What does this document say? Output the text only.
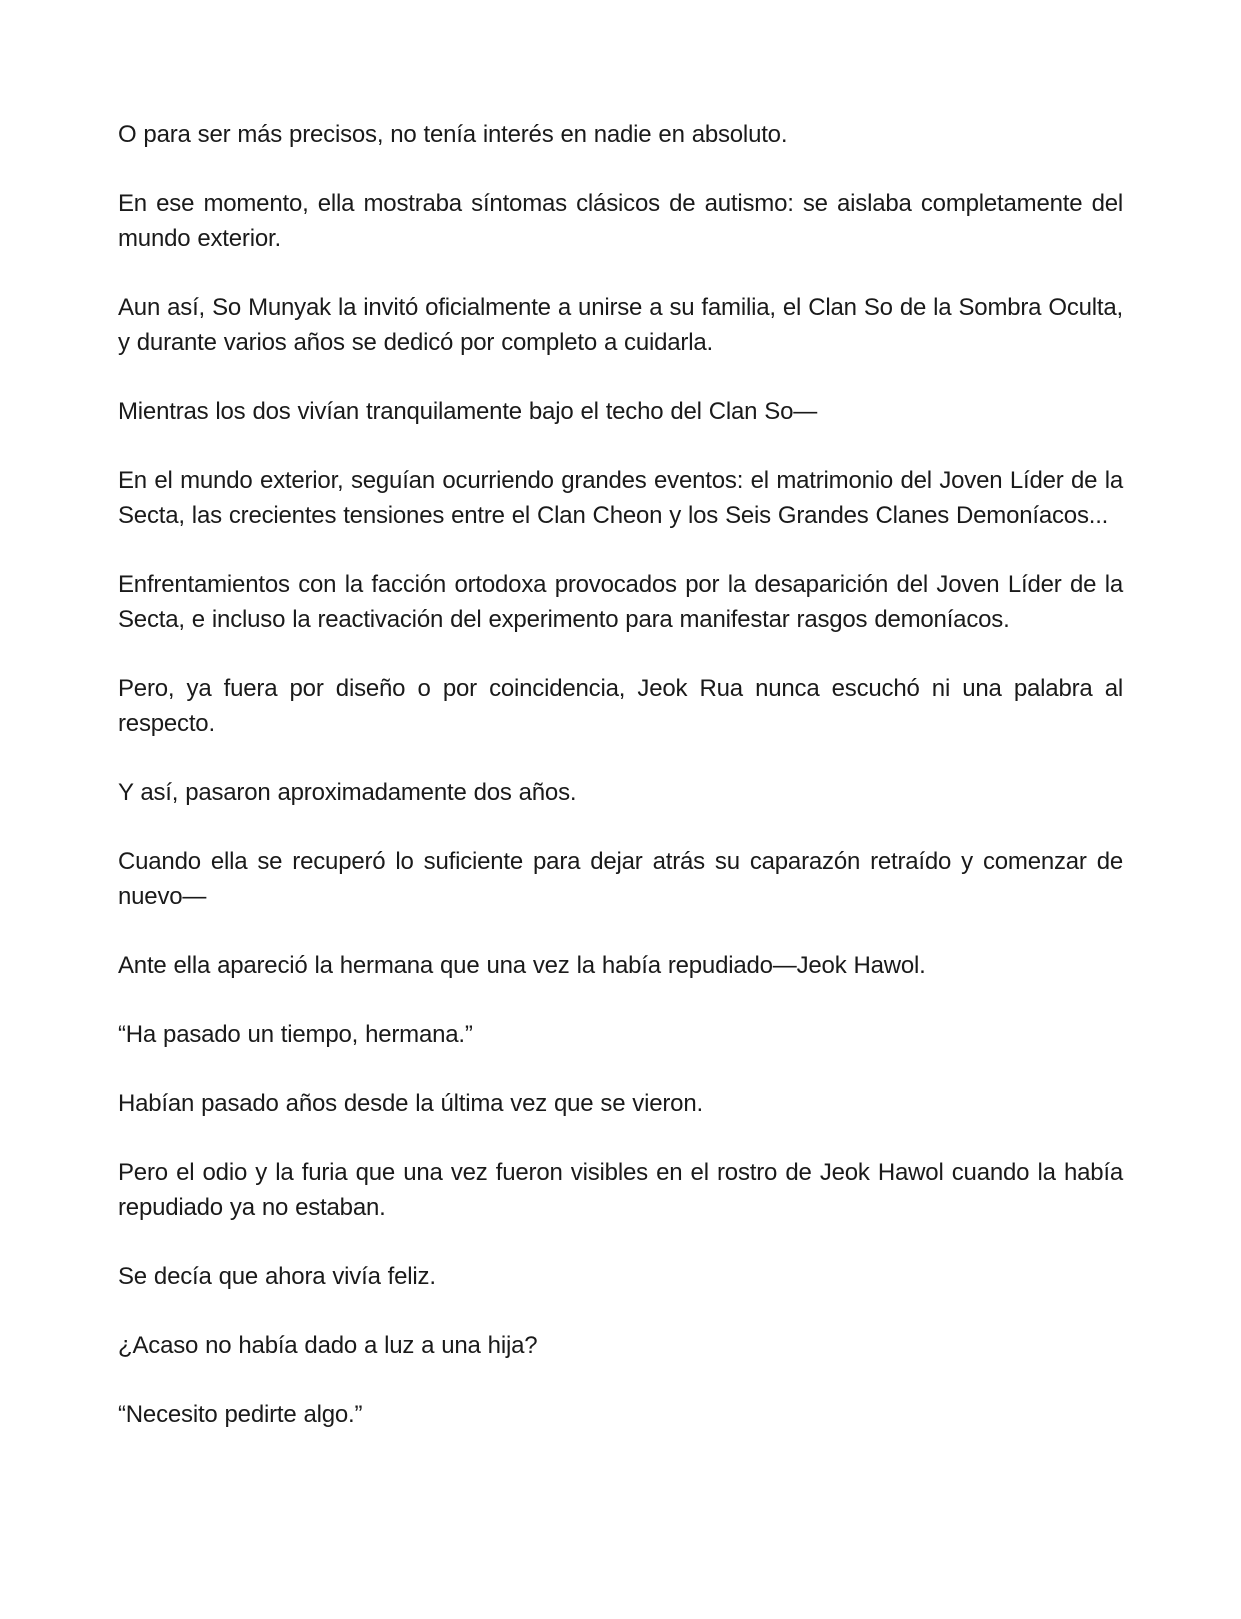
O para ser más precisos, no tenía interés en nadie en absoluto.

En ese momento, ella mostraba síntomas clásicos de autismo: se aislaba completamente del mundo exterior.

Aun así, So Munyak la invitó oficialmente a unirse a su familia, el Clan So de la Sombra Oculta, y durante varios años se dedicó por completo a cuidarla.

Mientras los dos vivían tranquilamente bajo el techo del Clan So—

En el mundo exterior, seguían ocurriendo grandes eventos: el matrimonio del Joven Líder de la Secta, las crecientes tensiones entre el Clan Cheon y los Seis Grandes Clanes Demoníacos...

Enfrentamientos con la facción ortodoxa provocados por la desaparición del Joven Líder de la Secta, e incluso la reactivación del experimento para manifestar rasgos demoníacos.

Pero, ya fuera por diseño o por coincidencia, Jeok Rua nunca escuchó ni una palabra al respecto.

Y así, pasaron aproximadamente dos años.

Cuando ella se recuperó lo suficiente para dejar atrás su caparazón retraído y comenzar de nuevo—

Ante ella apareció la hermana que una vez la había repudiado—Jeok Hawol.

“Ha pasado un tiempo, hermana.”

Habían pasado años desde la última vez que se vieron.

Pero el odio y la furia que una vez fueron visibles en el rostro de Jeok Hawol cuando la había repudiado ya no estaban.

Se decía que ahora vivía feliz.

¿Acaso no había dado a luz a una hija?

“Necesito pedirte algo.”
